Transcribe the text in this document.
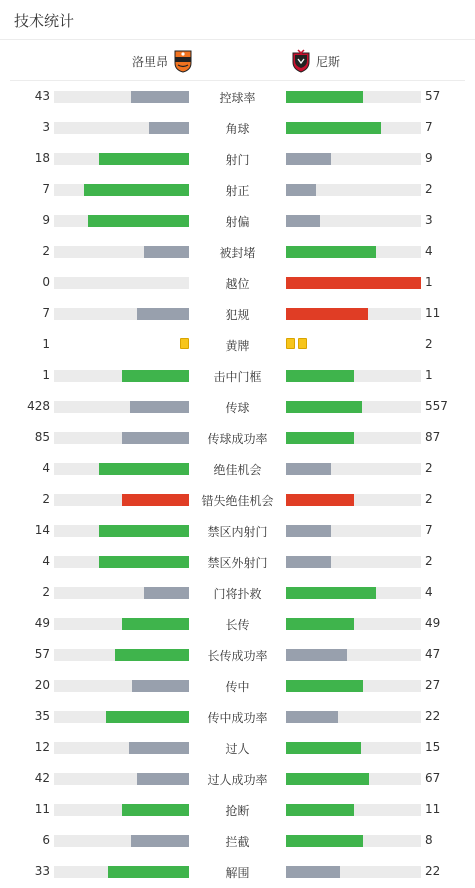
技术统计
洛里昂	尼斯
43	控球率	57
3	角球	7
18	射门	9
7	射正	2
9	射偏	3
2	被封堵	4
0	越位	1
7	犯规	11
1	黄牌	2
1	击中门框	1
428	传球	557
85	传球成功率	87
4	绝佳机会	2
2	错失绝佳机会	2
14	禁区内射门	7
4	禁区外射门	2
2	门将扑救	4
49	长传	49
57	长传成功率	47
20	传中	27
35	传中成功率	22
12	过人	15
42	过人成功率	67
11	抢断	11
6	拦截	8
33	解围	22
